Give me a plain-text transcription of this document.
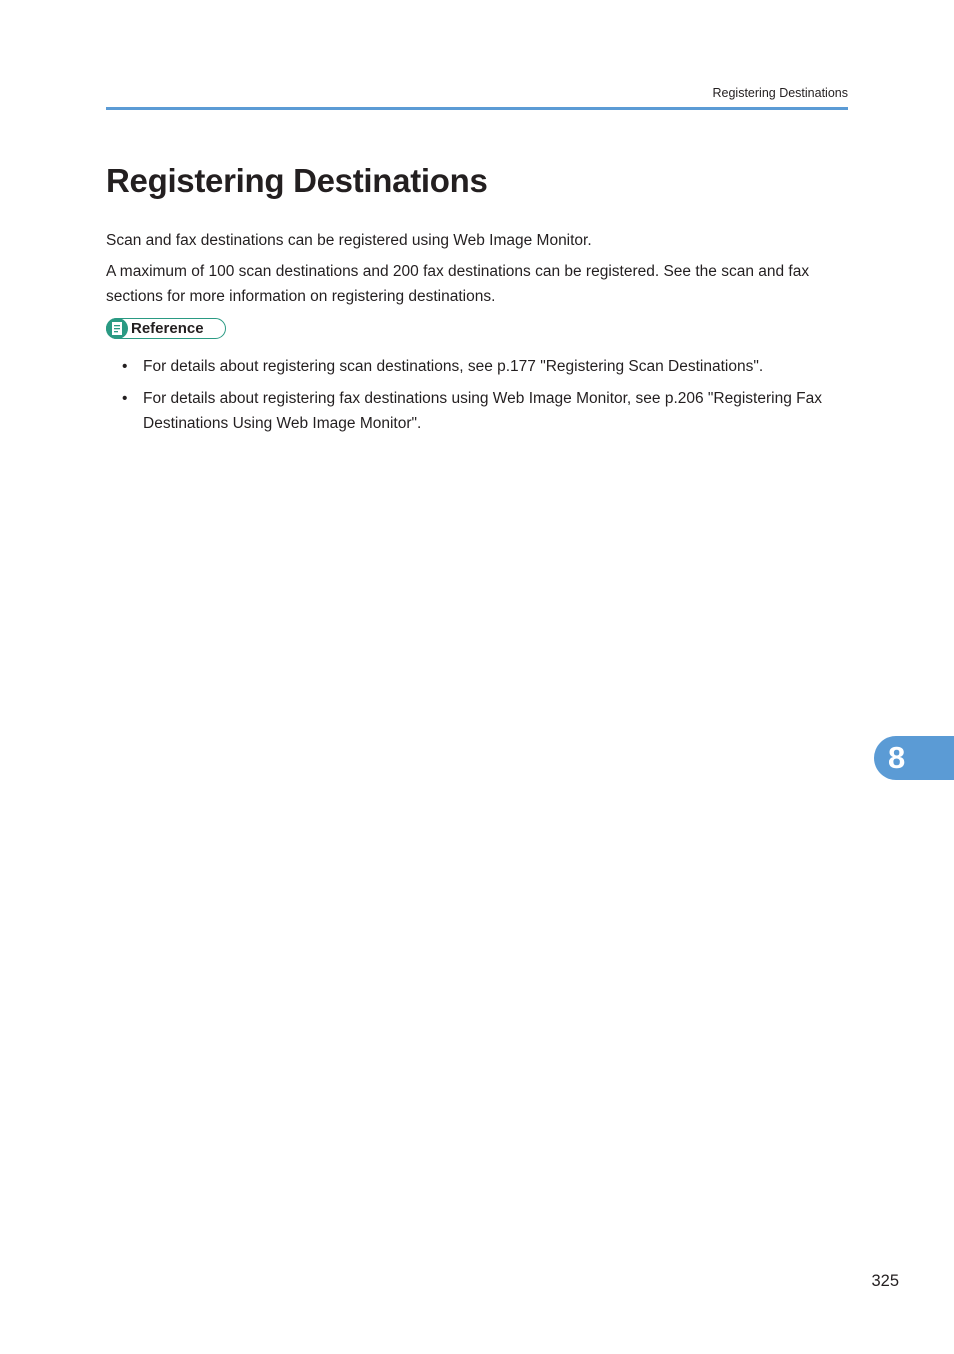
Registering Destinations
Registering Destinations

Scan and fax destinations can be registered using Web Image Monitor.

A maximum of 100 scan destinations and 200 fax destinations can be registered. See the scan and fax sections for more information on registering destinations.

Reference
• For details about registering scan destinations, see p.177 "Registering Scan Destinations".
• For details about registering fax destinations using Web Image Monitor, see p.206 "Registering Fax Destinations Using Web Image Monitor".
8
325
